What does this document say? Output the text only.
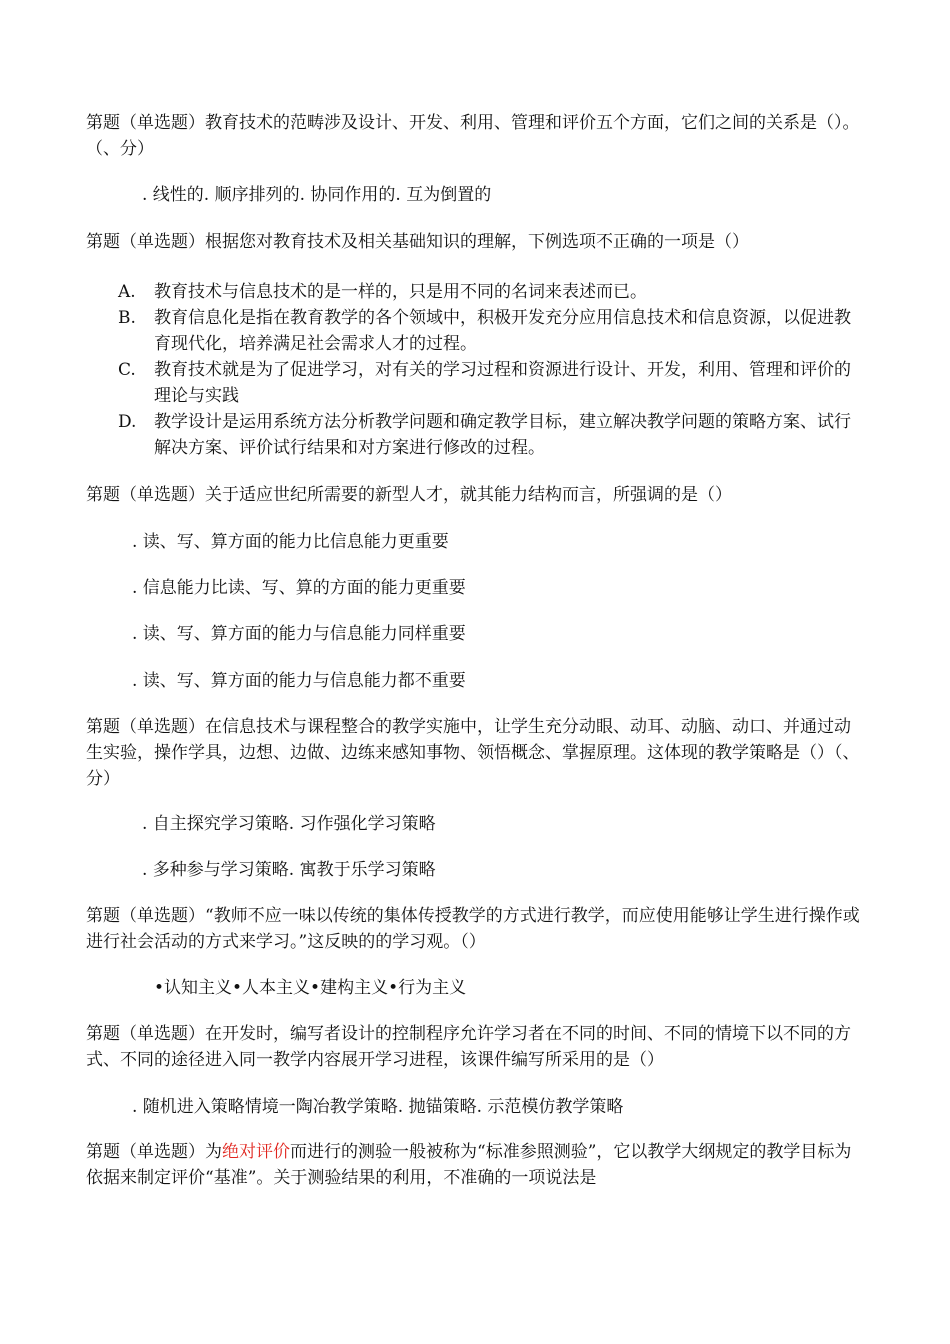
第题（单选题）教育技术的范畴涉及设计、开发、利用、管理和评价五个方面，它们之间的关系是（）。（、分）

. 线性的. 顺序排列的. 协同作用的. 互为倒置的

第题（单选题）根据您对教育技术及相关基础知识的理解，下例选项不正确的一项是（）

A.	教育技术与信息技术的是一样的，只是用不同的名词来表述而已。
B.	教育信息化是指在教育教学的各个领域中，积极开发充分应用信息技术和信息资源，以促进教育现代化，培养满足社会需求人才的过程。
C.	教育技术就是为了促进学习，对有关的学习过程和资源进行设计、开发，利用、管理和评价的理论与实践
D.	教学设计是运用系统方法分析教学问题和确定教学目标，建立解决教学问题的策略方案、试行解决方案、评价试行结果和对方案进行修改的过程。

第题（单选题）关于适应世纪所需要的新型人才，就其能力结构而言，所强调的是（）

. 读、写、算方面的能力比信息能力更重要
. 信息能力比读、写、算的方面的能力更重要
. 读、写、算方面的能力与信息能力同样重要
. 读、写、算方面的能力与信息能力都不重要

第题（单选题）在信息技术与课程整合的教学实施中，让学生充分动眼、动耳、动脑、动口、并通过动生实验，操作学具，边想、边做、边练来感知事物、领悟概念、掌握原理。这体现的教学策略是（）（、分）

. 自主探究学习策略. 习作强化学习策略
. 多种参与学习策略. 寓教于乐学习策略

第题（单选题）“教师不应一味以传统的集体传授教学的方式进行教学，而应使用能够让学生进行操作或进行社会活动的方式来学习。”这反映的的学习观。（）

•认知主义•人本主义•建构主义•行为主义

第题（单选题）在开发时，编写者设计的控制程序允许学习者在不同的时间、不同的情境下以不同的方式、不同的途径进入同一教学内容展开学习进程，该课件编写所采用的是（）

. 随机进入策略情境一陶冶教学策略. 抛锚策略. 示范模仿教学策略

第题（单选题）为绝对评价而进行的测验一般被称为“标准参照测验”，它以教学大纲规定的教学目标为依据来制定评价“基准”。关于测验结果的利用，不准确的一项说法是
